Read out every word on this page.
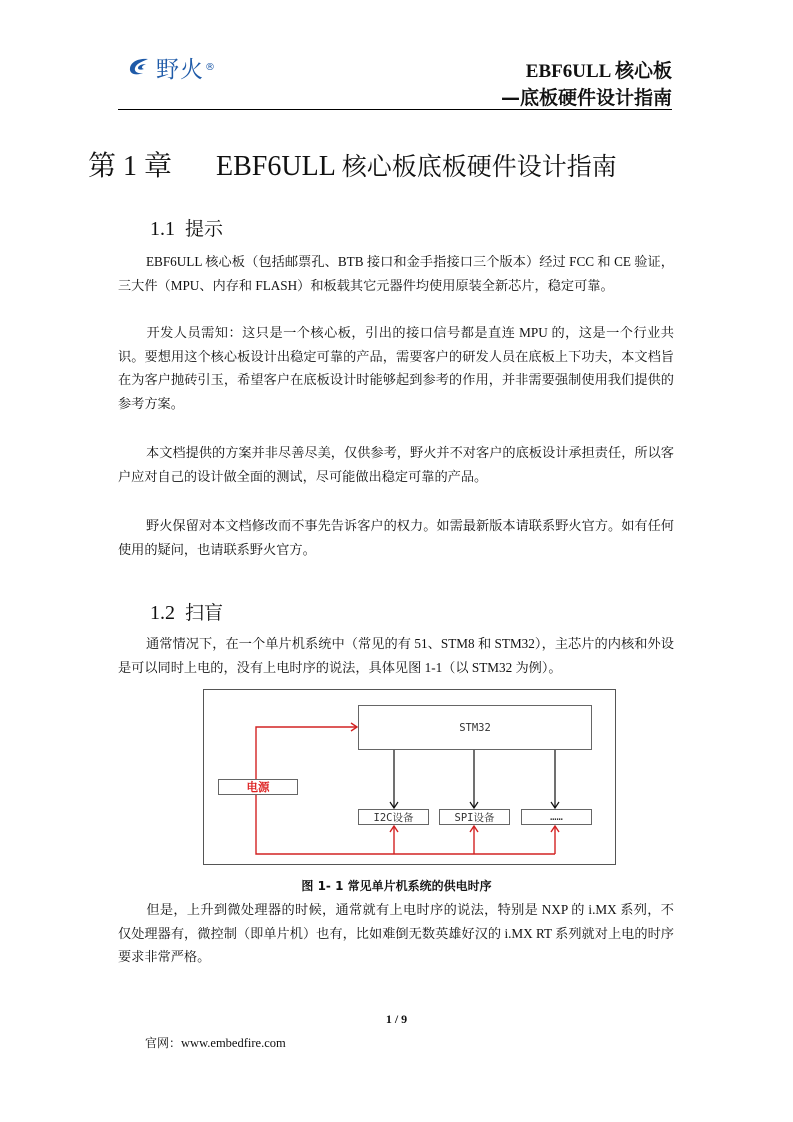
野火 ®	EBF6ULL 核心板
—底板硬件设计指南
第 1 章 EBF6ULL 核心板底板硬件设计指南
1.1 提示
EBF6ULL 核心板（包括邮票孔、BTB 接口和金手指接口三个版本）经过 FCC 和 CE 验证，三大件（MPU、内存和 FLASH）和板载其它元器件均使用原装全新芯片，稳定可靠。
开发人员需知：这只是一个核心板，引出的接口信号都是直连 MPU 的，这是一个行业共识。要想用这个核心板设计出稳定可靠的产品，需要客户的研发人员在底板上下功夫，本文档旨在为客户抛砖引玉，希望客户在底板设计时能够起到参考的作用，并非需要强制使用我们提供的参考方案。
本文档提供的方案并非尽善尽美，仅供参考，野火并不对客户的底板设计承担责任，所以客户应对自己的设计做全面的测试，尽可能做出稳定可靠的产品。
野火保留对本文档修改而不事先告诉客户的权力。如需最新版本请联系野火官方。如有任何使用的疑问，也请联系野火官方。
1.2 扫盲
通常情况下，在一个单片机系统中（常见的有 51、STM8 和 STM32），主芯片的内核和外设是可以同时上电的，没有上电时序的说法，具体见图 1-1（以 STM32 为例）。
STM32
电源
I2C设备	SPI设备	……
图 1- 1 常见单片机系统的供电时序
但是，上升到微处理器的时候，通常就有上电时序的说法，特别是 NXP 的 i.MX 系列，不仅处理器有，微控制（即单片机）也有，比如难倒无数英雄好汉的 i.MX RT 系列就对上电的时序要求非常严格。
1 / 9
官网：www.embedfire.com
